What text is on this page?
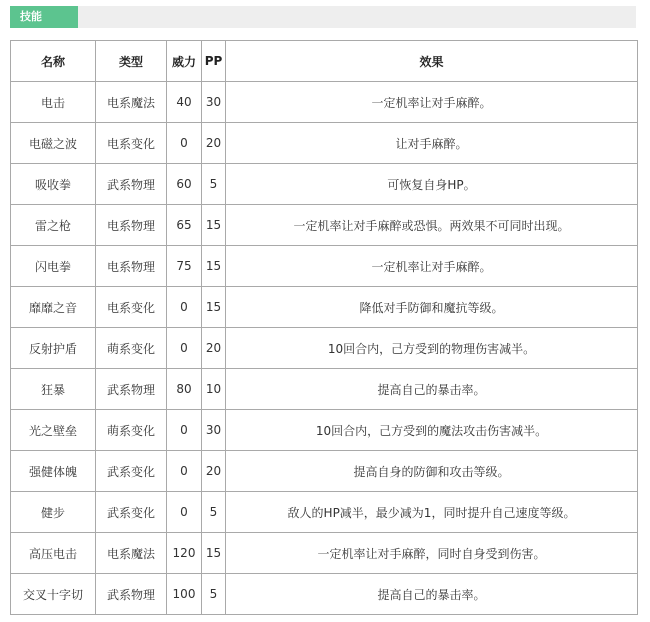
技能
名称	类型	威力	PP	效果
电击	电系魔法	40	30	一定机率让对手麻醉。
电磁之波	电系变化	0	20	让对手麻醉。
吸收拳	武系物理	60	5	可恢复自身HP。
雷之枪	电系物理	65	15	一定机率让对手麻醉或恐惧。两效果不可同时出现。
闪电拳	电系物理	75	15	一定机率让对手麻醉。
靡靡之音	电系变化	0	15	降低对手防御和魔抗等级。
反射护盾	萌系变化	0	20	10回合内，己方受到的物理伤害减半。
狂暴	武系物理	80	10	提高自己的暴击率。
光之壁垒	萌系变化	0	30	10回合内，己方受到的魔法攻击伤害减半。
强健体魄	武系变化	0	20	提高自身的防御和攻击等级。
健步	武系变化	0	5	敌人的HP减半，最少减为1，同时提升自己速度等级。
高压电击	电系魔法	120	15	一定机率让对手麻醉，同时自身受到伤害。
交叉十字切	武系物理	100	5	提高自己的暴击率。
